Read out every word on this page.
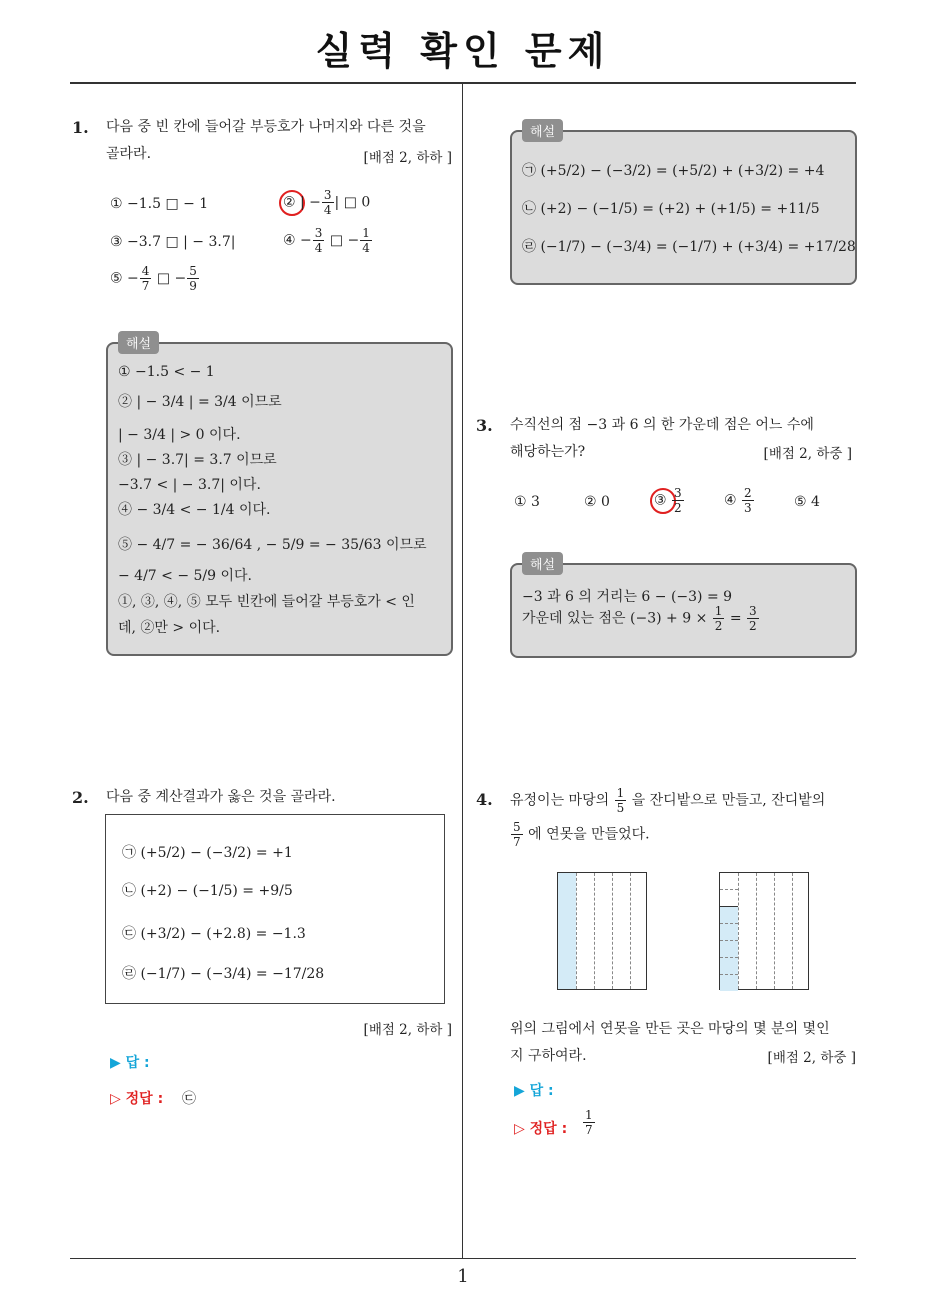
실력 확인 문제
1. 다음 중 빈 칸에 들어갈 부등호가 나머지와 다른 것을
골라라.	[배점 2, 하하 ]
① −1.5 □ − 1	② | − $\frac{3}{4}$ | □ 0
③ −3.7 □ | − 3.7|	④ − $\frac{3}{4}$ □ − $\frac{1}{4}$
⑤ − $\frac{4}{7}$ □ − $\frac{5}{9}$
해설
① −1.5 < − 1
② | − 3/4 | = 3/4 이므로
| − 3/4 | > 0 이다.
③ | − 3.7| = 3.7 이므로
−3.7 < | − 3.7| 이다.
④ − 3/4 < − 1/4 이다.
⑤ − 4/7 = − 36/64 , − 5/9 = − 35/63 이므로
− 4/7 < − 5/9 이다.
①, ③, ④, ⑤ 모두 빈칸에 들어갈 부등호가 < 인
데, ②만 > 이다.
2. 다음 중 계산결과가 옳은 것을 골라라.
㉠ (+5/2) − (−3/2) = +1
㉡ (+2) − (−1/5) = +9/5
㉢ (+3/2) − (+2.8) = −1.3
㉣ (−1/7) − (−3/4) = −17/28
[배점 2, 하하 ]
▶ 답 :
▷ 정답 : ㉢
해설
㉠ (+5/2) − (−3/2) = (+5/2) + (+3/2) = +4
㉡ (+2) − (−1/5) = (+2) + (+1/5) = +11/5
㉣ (−1/7) − (−3/4) = (−1/7) + (+3/4) = +17/28
3. 수직선의 점 −3 과 6 의 한 가운데 점은 어느 수에
해당하는가?	[배점 2, 하중 ]
① 3	② 0	③ $\frac{3}{2}$	④ $\frac{2}{3}$	⑤ 4
해설
−3 과 6 의 거리는 6 − (−3) = 9
가운데 있는 점은 $(-3) + 9 \times \frac{1}{2} = \frac{3}{2}$
4. 유정이는 마당의 $\frac{1}{5}$ 을 잔디밭으로 만들고, 잔디밭의
$\frac{5}{7}$ 에 연못을 만들었다.
위의 그림에서 연못을 만든 곳은 마당의 몇 분의 몇인
지 구하여라.	[배점 2, 하중 ]
▶ 답 :
▷ 정답 : $\frac{1}{7}$
1
